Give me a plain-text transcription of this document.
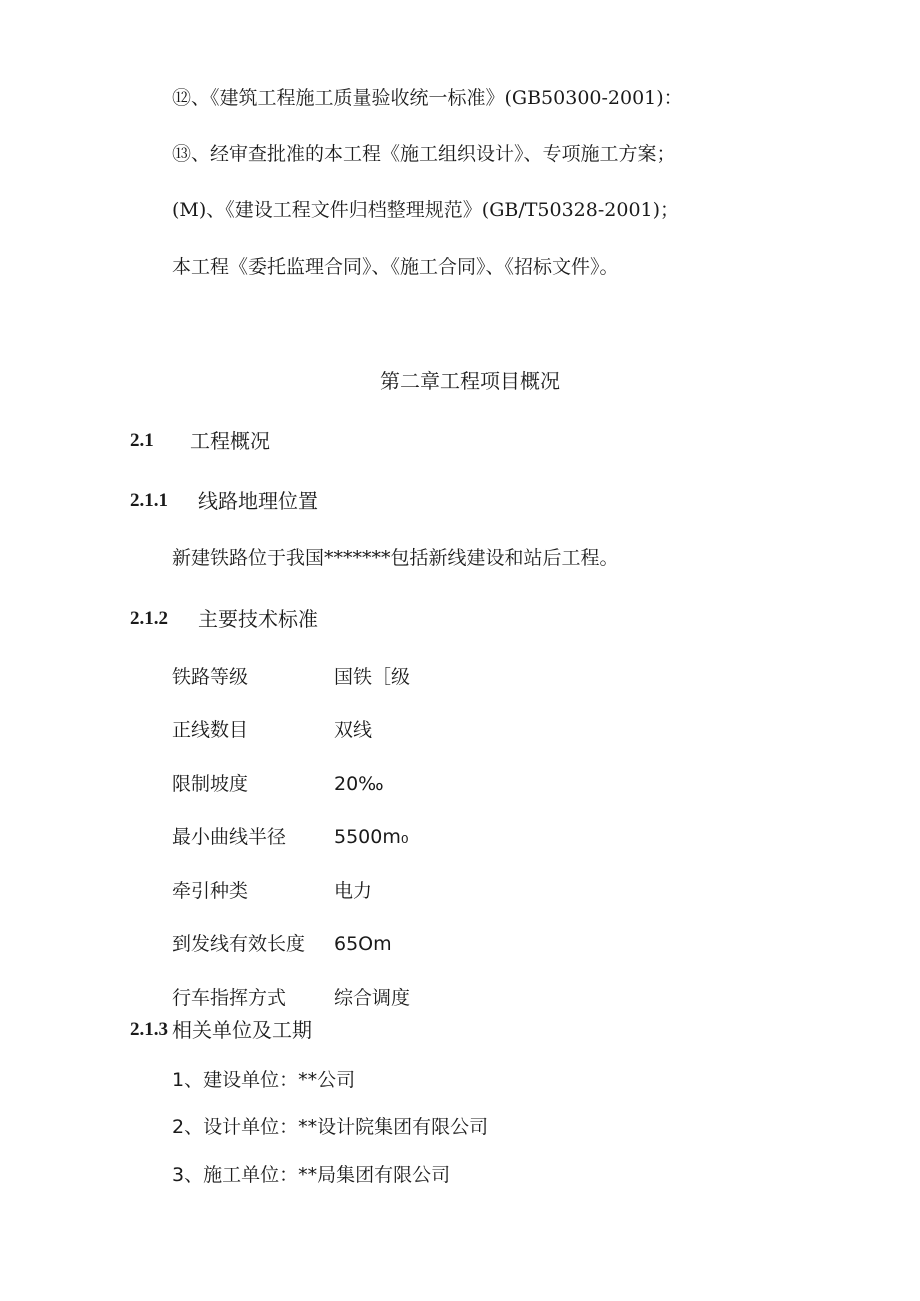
⑫、《建筑工程施工质量验收统一标准》(GB50300-2001)：
⑬、经审查批准的本工程《施工组织设计》、专项施工方案；
(M)、《建设工程文件归档整理规范》(GB/T50328-2001)；
本工程《委托监理合同》、《施工合同》、《招标文件》。
第二章工程项目概况
2.1 工程概况
2.1.1 线路地理位置
新建铁路位于我国*******包括新线建设和站后工程。
2.1.2 主要技术标准
铁路等级	国铁［级
正线数目	双线
限制坡度	20‰
最小曲线半径	5500m₀
牵引种类	电力
到发线有效长度 65Om
行车指挥方式	综合调度
2.1.3 相关单位及工期
1、建设单位：**公司
2、设计单位：**设计院集团有限公司
3、施工单位：**局集团有限公司
